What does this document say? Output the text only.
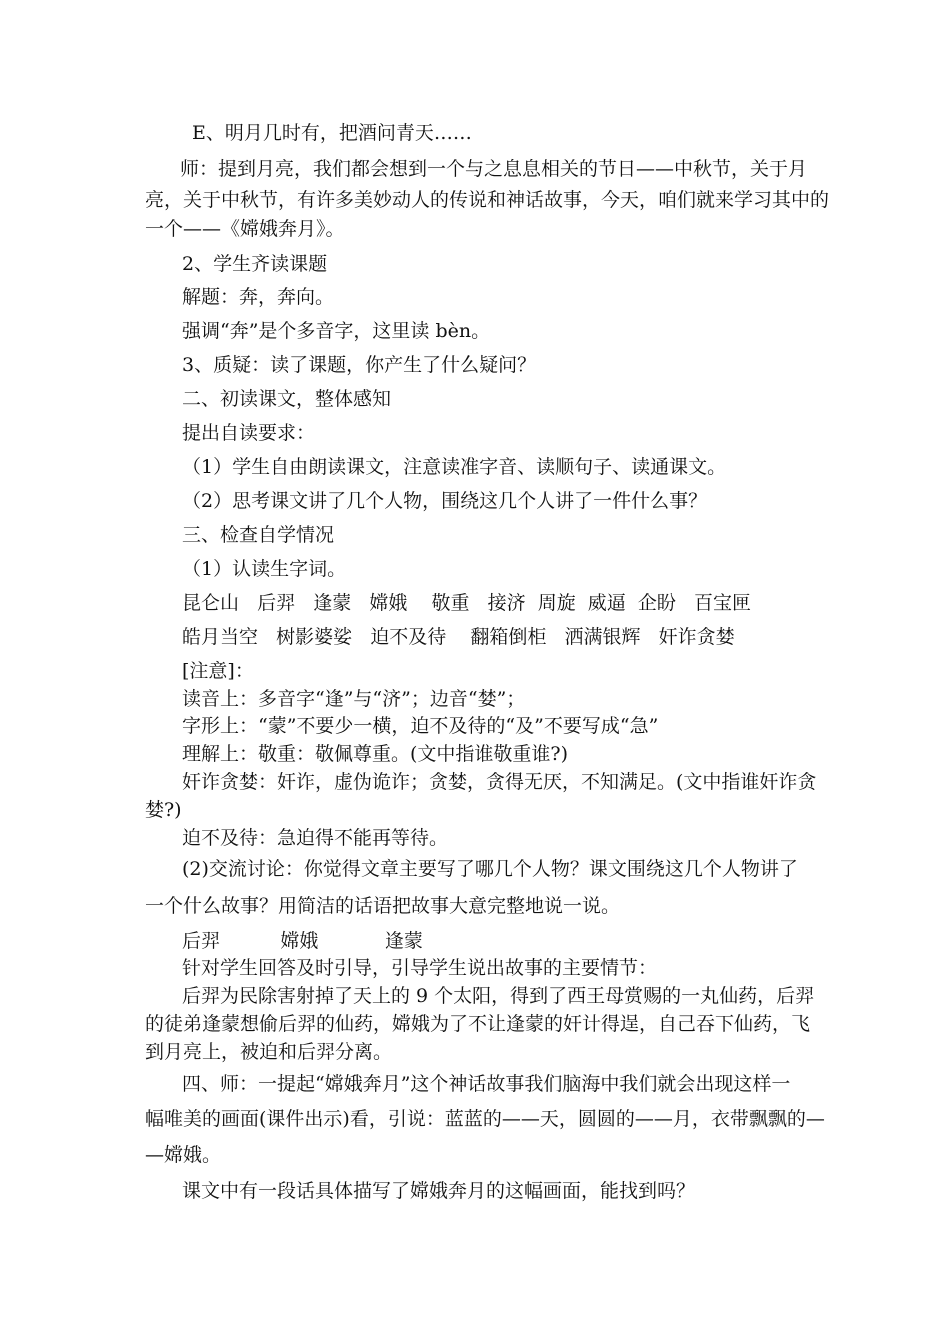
E、明月几时有，把酒问青天……
师：提到月亮，我们都会想到一个与之息息相关的节日——中秋节，关于月
亮，关于中秋节，有许多美妙动人的传说和神话故事，今天，咱们就来学习其中的
一个——《嫦娥奔月》。
2、学生齐读课题
解题：奔，奔向。
强调“奔”是个多音字，这里读 bèn。
3、质疑：读了课题，你产生了什么疑问？
二、初读课文，整体感知
提出自读要求：
（1）学生自由朗读课文，注意读准字音、读顺句子、读通课文。
（2）思考课文讲了几个人物，围绕这几个人讲了一件什么事？
三、检查自学情况
（1）认读生字词。
昆仑山   后羿   逢蒙   嫦娥    敬重   接济  周旋  威逼  企盼   百宝匣
皓月当空   树影婆娑   迫不及待    翻箱倒柜   洒满银辉   奸诈贪婪
[注意]：
读音上：多音字“逢”与“济”；边音“婪”；
字形上：“蒙”不要少一横，迫不及待的“及”不要写成“急”
理解上：敬重：敬佩尊重。(文中指谁敬重谁?)
奸诈贪婪：奸诈，虚伪诡诈；贪婪，贪得无厌，不知满足。(文中指谁奸诈贪
婪?)
迫不及待：急迫得不能再等待。
(2)交流讨论：你觉得文章主要写了哪几个人物？课文围绕这几个人物讲了
一个什么故事？用简洁的话语把故事大意完整地说一说。
后羿          嫦娥           逢蒙
针对学生回答及时引导，引导学生说出故事的主要情节：
后羿为民除害射掉了天上的 9 个太阳，得到了西王母赏赐的一丸仙药，后羿
的徒弟逢蒙想偷后羿的仙药，嫦娥为了不让逢蒙的奸计得逞，自己吞下仙药，飞
到月亮上，被迫和后羿分离。
四、师：一提起“嫦娥奔月”这个神话故事我们脑海中我们就会出现这样一
幅唯美的画面(课件出示)看，引说：蓝蓝的——天，圆圆的——月，衣带飘飘的—
—嫦娥。
课文中有一段话具体描写了嫦娥奔月的这幅画面，能找到吗？
